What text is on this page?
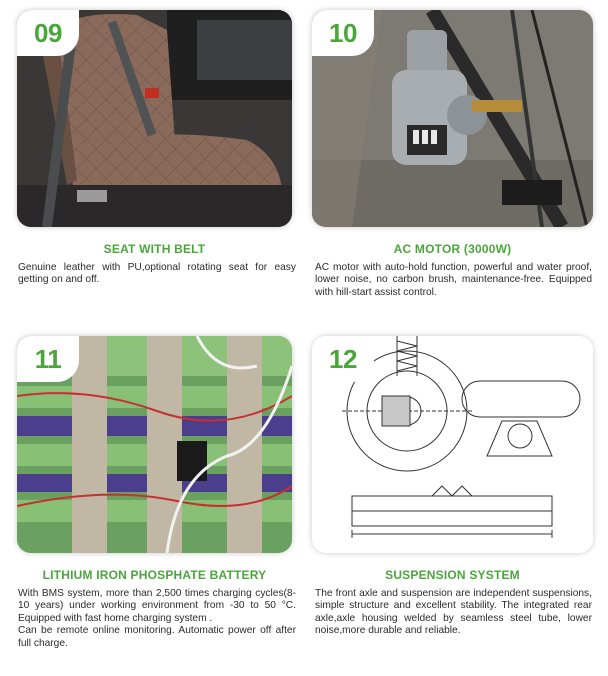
09
SEAT WITH BELT

Genuine leather with PU,optional rotating seat for easy getting on and off.

10
AC MOTOR (3000W)

AC motor with auto-hold function, powerful and water proof, lower noise, no carbon brush, maintenance-free. Equipped with hill-start assist control.

11
LITHIUM IRON PHOSPHATE BATTERY

With BMS system, more than 2,500 times charging cycles(8-10 years) under working environment from -30 to 50 °C. Equipped with fast home charging system .

Can be remote online monitoring. Automatic power off after full charge.

12
SUSPENSION SYSTEM

The front axle and suspension are independent suspensions, simple structure and excellent stability. The integrated rear axle,axle housing welded by seamless steel tube, lower noise,more durable and reliable.
